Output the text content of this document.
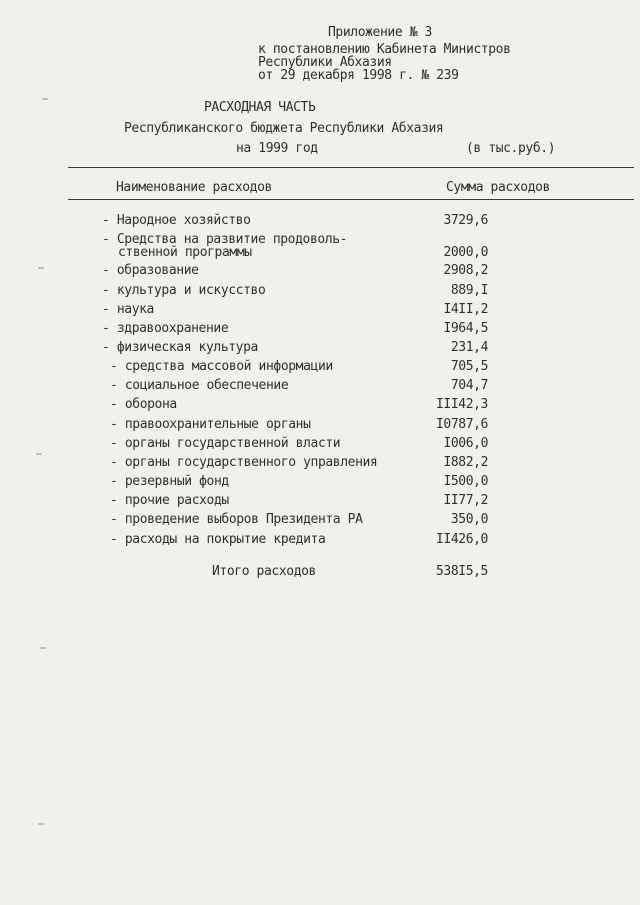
Приложение № 3
к постановлению Кабинета Министров
Республики Абхазия
от 29 декабря 1998 г. № 239
РАСХОДНАЯ ЧАСТЬ
Республиканского бюджета Республики Абхазия
на 1999 год	(в тыс.руб.)
Наименование расходов	Сумма расходов
- Народное хозяйство	3729,6
- Средства на развитие продоволь-
ственной программы	2000,0
- образование	2908,2
- культура и искусство	889,I
- наука	I4II,2
- здравоохранение	I964,5
- физическая культура	231,4
- средства массовой информации	705,5
- социальное обеспечение	704,7
- оборона	III42,3
- правоохранительные органы	I0787,6
- органы государственной власти	I006,0
- органы государственного управления	I882,2
- резервный фонд	I500,0
- прочие расходы	II77,2
- проведение выборов Президента РА	350,0
- расходы на покрытие кредита	II426,0
Итого расходов	538I5,5
